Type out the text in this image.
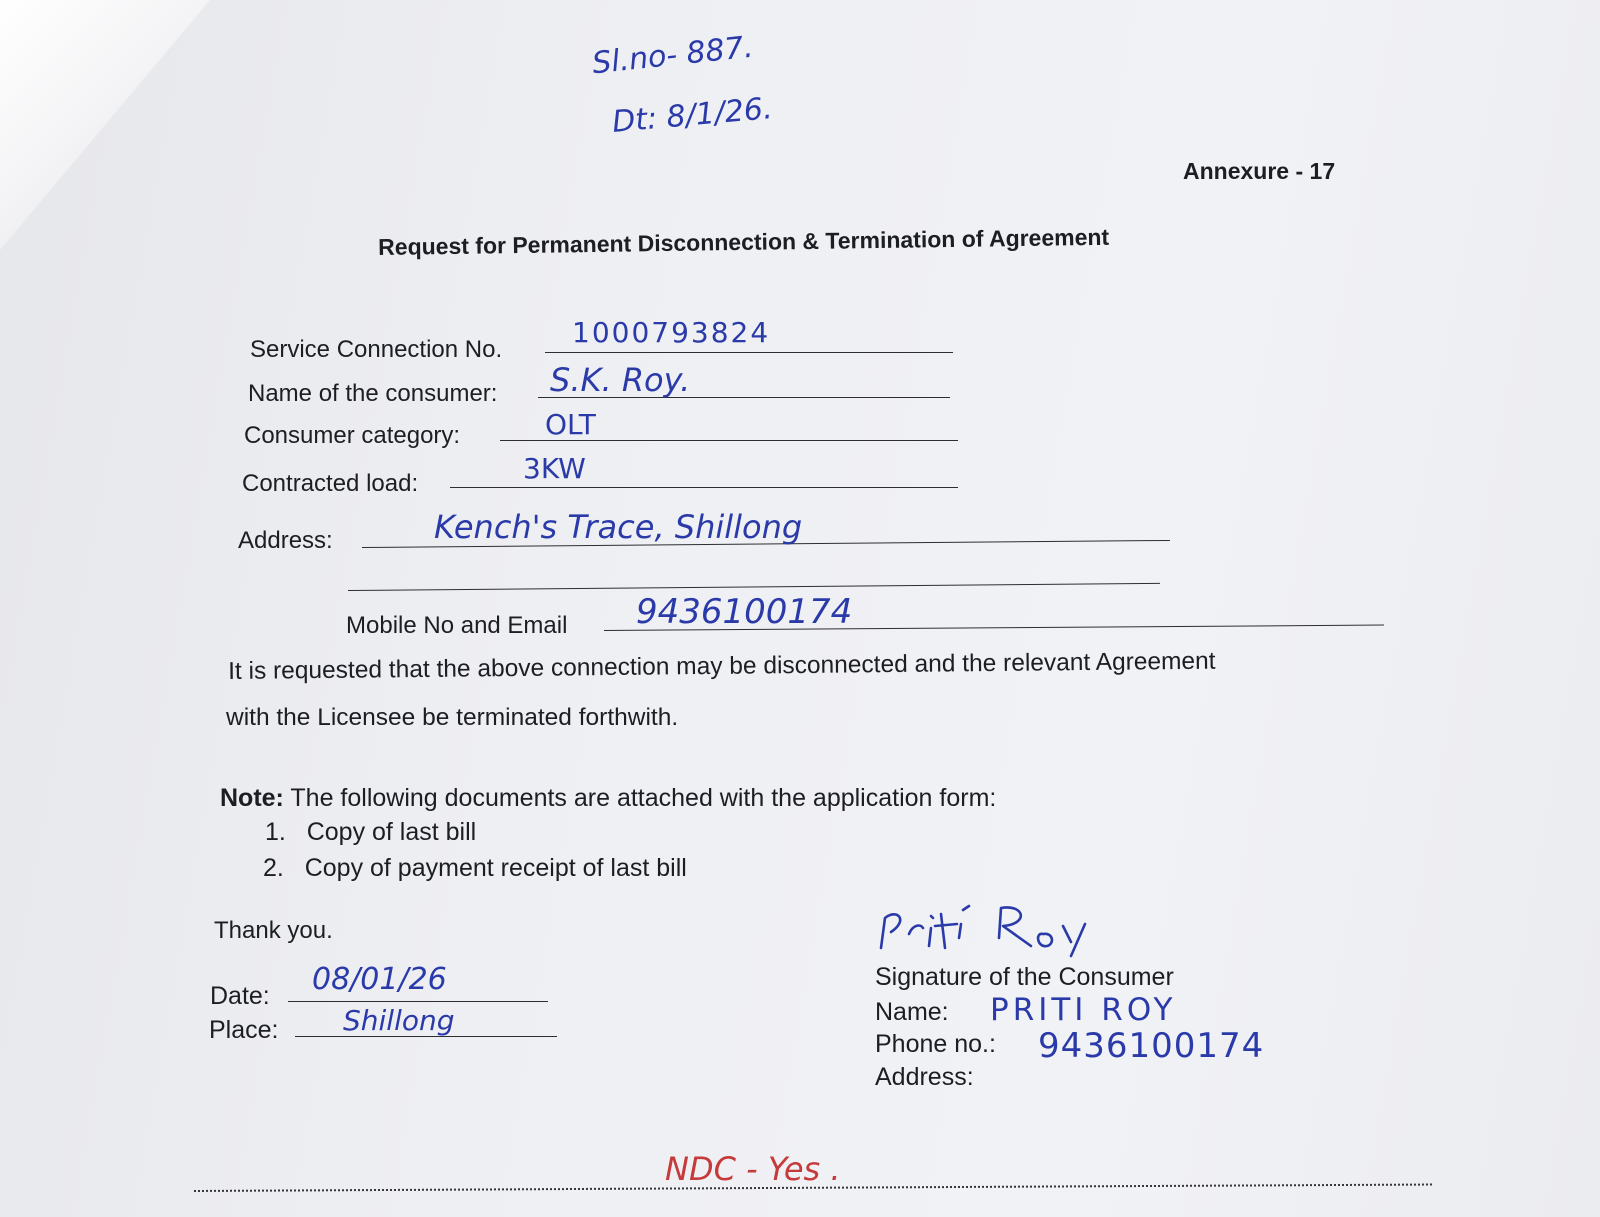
Sl.no- 887.
Dt: 8/1/26.
Annexure - 17
Request for Permanent Disconnection & Termination of Agreement
Service Connection No.
1000793824
Name of the consumer: S.K. Roy.
Consumer category:	OLT
Contracted load:	3KW
Address:	Kench's Trace, Shillong
Mobile No and Email 9436100174
It is requested that the above connection may be disconnected and the relevant Agreement
with the Licensee be terminated forthwith.
Note: The following documents are attached with the application form:
1. Copy of last bill
2. Copy of payment receipt of last bill
Thank you.
Date: 08/01/26
Place: Shillong
Signature of the Consumer
Name: PRITI ROY
Phone no.: 9436100174
Address:
NDC - Yes .
